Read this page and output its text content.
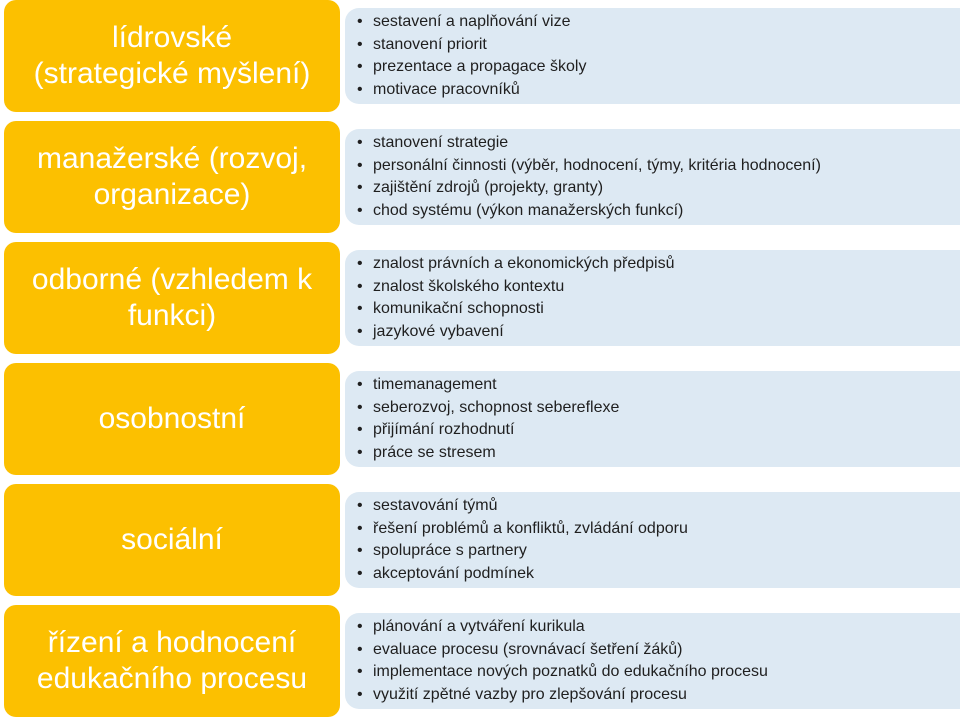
lídrovské
(strategické myšlení)
• sestavení a naplňování vize
• stanovení priorit
• prezentace a propagace školy
• motivace pracovníků
manažerské (rozvoj,
organizace)
• stanovení strategie
• personální činnosti (výběr, hodnocení, týmy, kritéria hodnocení)
• zajištění zdrojů (projekty, granty)
• chod systému (výkon manažerských funkcí)
odborné (vzhledem k
funkci)
• znalost právních a ekonomických předpisů
• znalost školského kontextu
• komunikační schopnosti
• jazykové vybavení
osobnostní
• timemanagement
• seberozvoj, schopnost sebereflexe
• přijímání rozhodnutí
• práce se stresem
sociální
• sestavování týmů
• řešení problémů a konfliktů, zvládání odporu
• spolupráce s partnery
• akceptování podmínek
řízení a hodnocení
edukačního procesu
• plánování a vytváření kurikula
• evaluace procesu (srovnávací šetření žáků)
• implementace nových poznatků do edukačního procesu
• využití zpětné vazby pro zlepšování procesu
